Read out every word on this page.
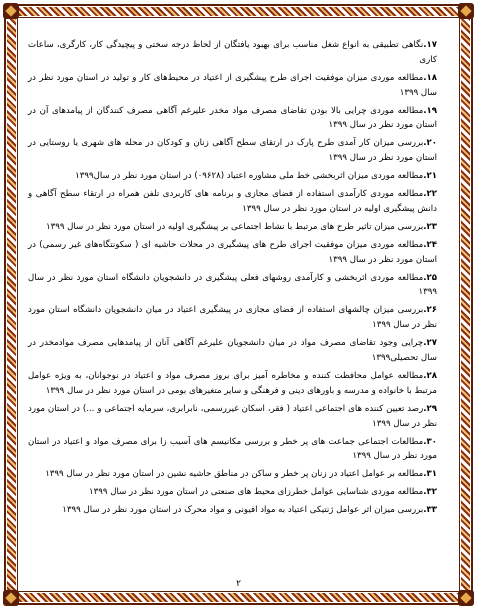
۱۷.نگاهی تطبیقی به انواع شغل مناسب برای بهبود یافتگان از لحاظ درجه سختی و پیچیدگی کار، کارگری، ساعات کاری
۱۸.مطالعه موردی میزان موفقیت اجرای طرح پیشگیری از اعتیاد در محیط‌های کار و تولید در استان مورد نظر در سال ۱۳۹۹
۱۹.مطالعه موردی چرایی بالا بودن تقاضای مصرف مواد مخدر علیرغم آگاهی مصرف کنندگان از پیامدهای آن در استان مورد نظر در سال ۱۳۹۹
۲۰.بررسی میزان کار آمدی طرح پارک در ارتقای سطح آگاهی زنان و کودکان در محله های شهری یا روستایی در استان مورد نظر در سال ۱۳۹۹
۲۱.مطالعه موردی میزان اثربخشی خط ملی مشاوره اعتیاد (۰۹۶۲۸) در استان مورد نظر در سال۱۳۹۹
۲۲.مطالعه موردی کارآمدی استفاده از فضای مجازی و برنامه های کاربردی تلفن همراه در ارتقاء سطح آگاهی و دانش پیشگیری اولیه در استان مورد نظر در سال ۱۳۹۹
۲۳.بررسی میزان تاثیر طرح های مرتبط با نشاط اجتماعی بر پیشگیری اولیه در استان مورد نظر در سال ۱۳۹۹
۲۴.مطالعه موردی میزان موفقیت اجرای طرح های پیشگیری در محلات حاشیه ای ( سکونتگاه‌های غیر رسمی) در استان مورد نظر در سال ۱۳۹۹
۲۵.مطالعه موردی اثربخشی و کارآمدی روشهای فعلی پیشگیری در دانشجویان دانشگاه استان مورد نظر در سال ۱۳۹۹
۲۶.بررسی میزان چالشهای استفاده از فضای مجازی در پیشگیری اعتیاد در میان دانشجویان دانشگاه استان مورد نظر در سال ۱۳۹۹
۲۷.چرایی وجود تقاضای مصرف مواد در میان دانشجویان علیرغم آگاهی آنان از پیامدهایی مصرف موادمخدر در سال تحصیلی۱۳۹۹
۲۸.مطالعه عوامل محافظت کننده و مخاطره آمیز برای بروز مصرف مواد و اعتیاد در نوجوانان، به ویژه عوامل مرتبط با خانواده و مدرسه و باورهای دینی و فرهنگی و سایر متغیرهای بومی در استان مورد نظر در سال ۱۳۹۹
۲۹.رصد تعیین کننده های اجتماعی اعتیاد ( فقر، اسکان غیررسمی، نابرابری، سرمایه اجتماعی و ...) در استان مورد نظر در سال ۱۳۹۹
۳۰.مطالعات اجتماعی جماعت های پر خطر و بررسی مکانیسم های آسیب زا برای مصرف مواد و اعتیاد در استان مورد نظر در سال ۱۳۹۹
۳۱.مطالعه بر عوامل اعتیاد در زنان پر خطر و ساکن در مناطق حاشیه نشین در استان مورد نظر در سال ۱۳۹۹
۳۲.مطالعه موردی شناسایی عوامل خطرزای محیط های صنعتی در استان مورد نظر در سال ۱۳۹۹
۳۳.بررسی میزان اثر عوامل ژنتیکی اعتیاد به مواد افیونی و مواد محرک در استان مورد نظر در سال ۱۳۹۹
۲
